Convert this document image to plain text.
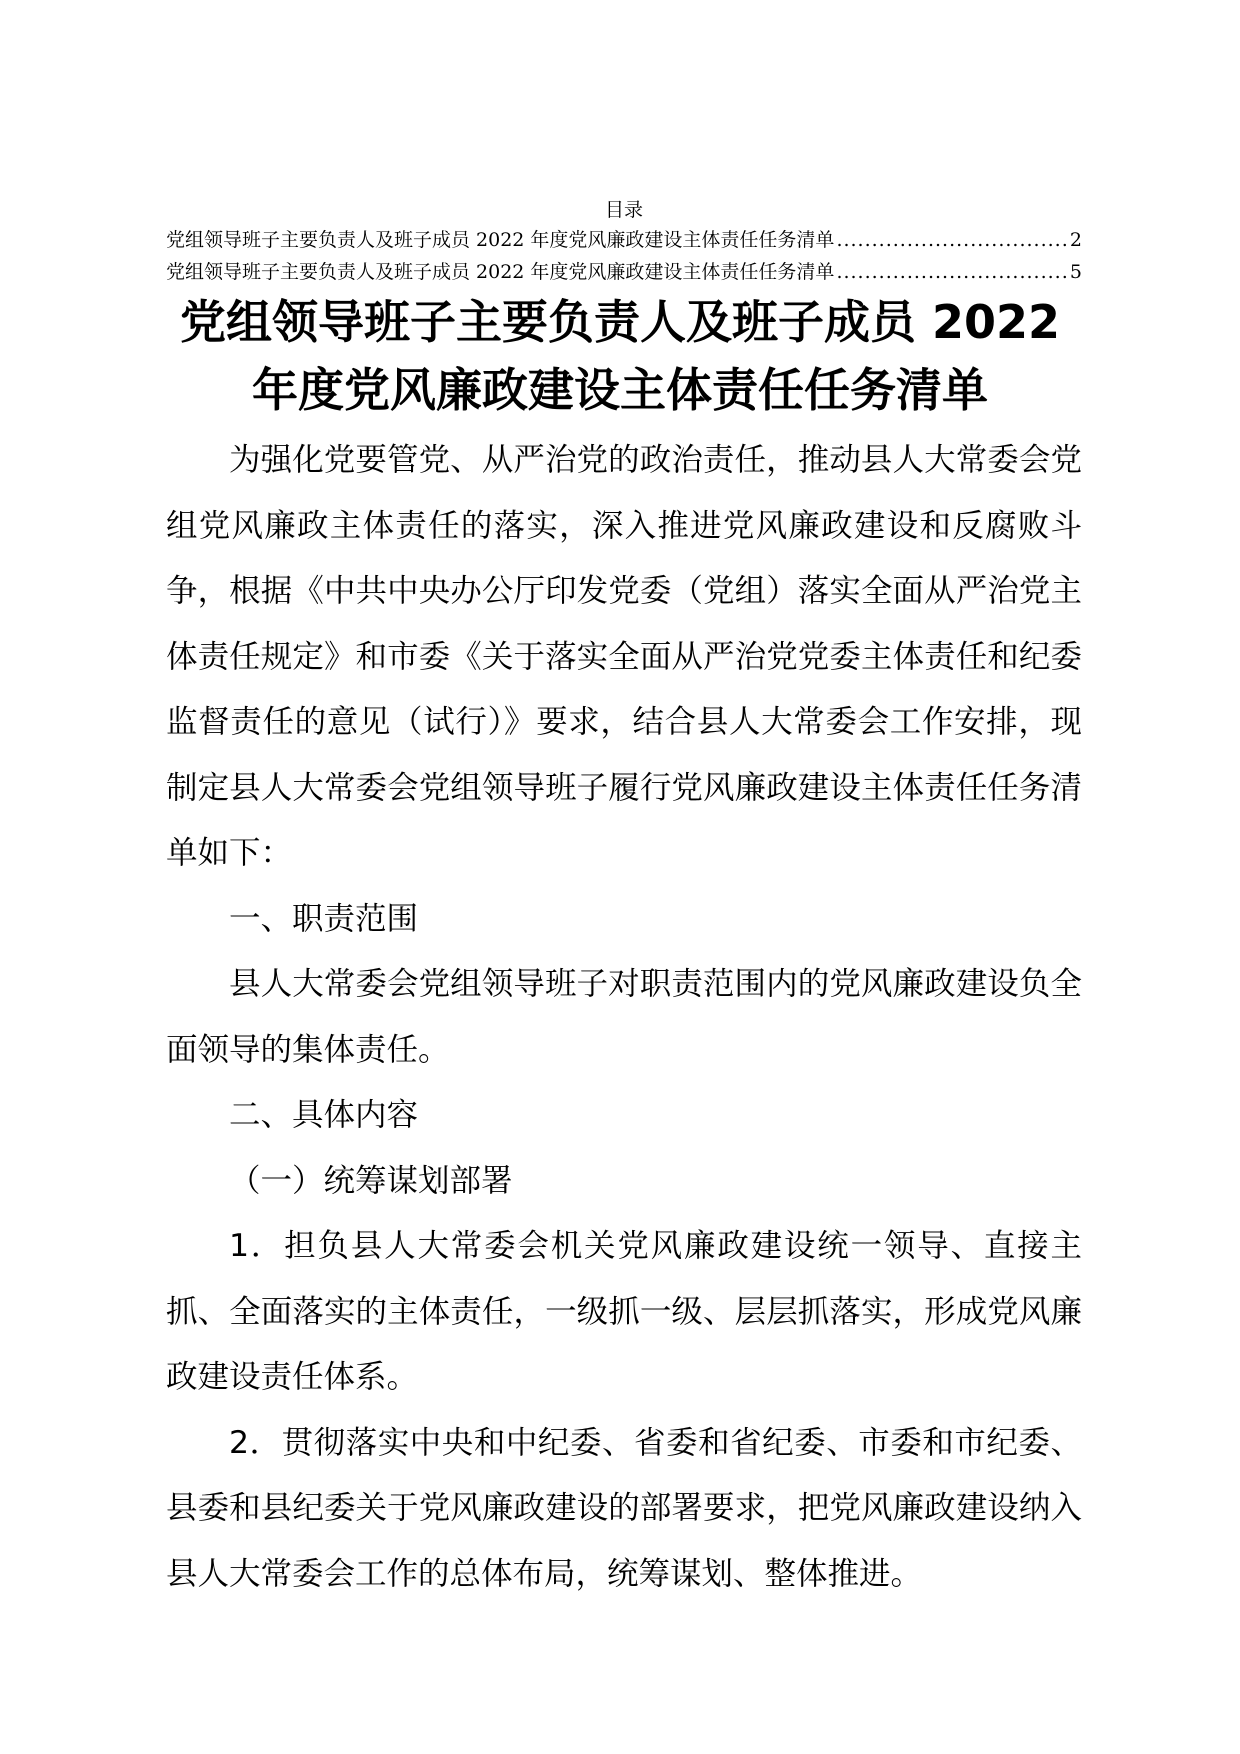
目录
党组领导班子主要负责人及班子成员 2022 年度党风廉政建设主体责任任务清单 .....	2
党组领导班子主要负责人及班子成员 2022 年度党风廉政建设主体责任任务清单 .....	5
党组领导班子主要负责人及班子成员 2022
年度党风廉政建设主体责任任务清单

为强化党要管党、从严治党的政治责任，推动县人大常委会党组党风廉政主体责任的落实，深入推进党风廉政建设和反腐败斗争，根据《中共中央办公厅印发党委（党组）落实全面从严治党主体责任规定》和市委《关于落实全面从严治党党委主体责任和纪委监督责任的意见（试行）》要求，结合县人大常委会工作安排，现制定县人大常委会党组领导班子履行党风廉政建设主体责任任务清单如下：

一、职责范围

县人大常委会党组领导班子对职责范围内的党风廉政建设负全面领导的集体责任。

二、具体内容

（一）统筹谋划部署

1．担负县人大常委会机关党风廉政建设统一领导、直接主抓、全面落实的主体责任，一级抓一级、层层抓落实，形成党风廉政建设责任体系。

2．贯彻落实中央和中纪委、省委和省纪委、市委和市纪委、县委和县纪委关于党风廉政建设的部署要求，把党风廉政建设纳入县人大常委会工作的总体布局，统筹谋划、整体推进。
